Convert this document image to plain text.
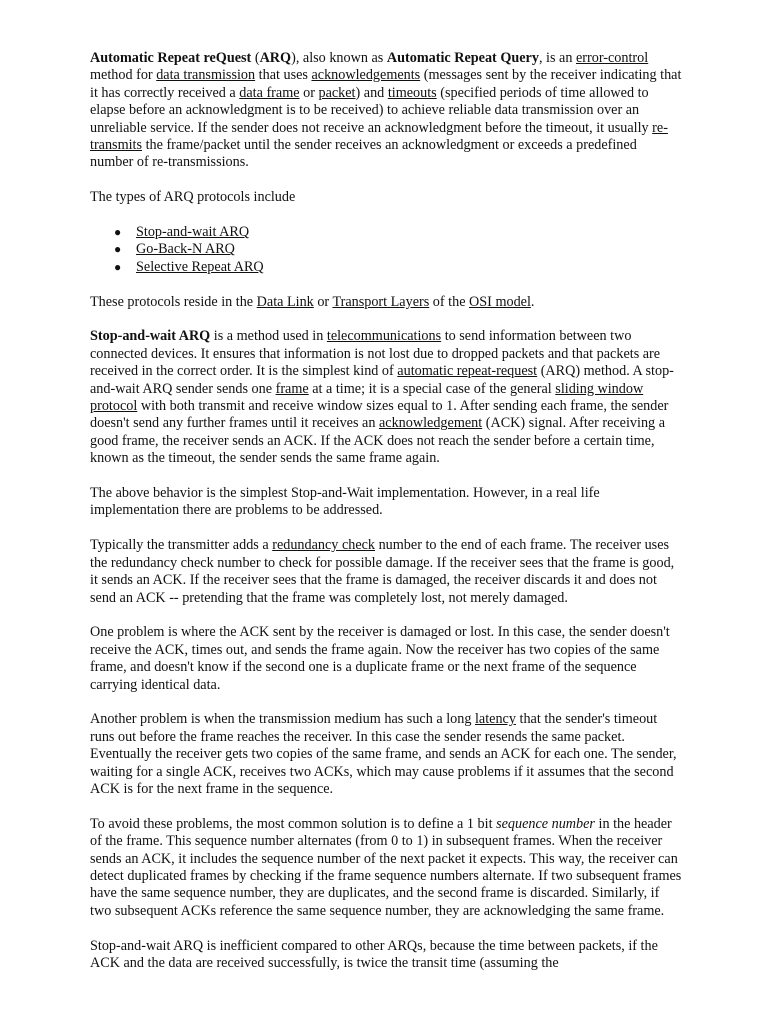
Automatic Repeat reQuest (ARQ), also known as Automatic Repeat Query, is an error-control method for data transmission that uses acknowledgements (messages sent by the receiver indicating that it has correctly received a data frame or packet) and timeouts (specified periods of time allowed to elapse before an acknowledgment is to be received) to achieve reliable data transmission over an unreliable service. If the sender does not receive an acknowledgment before the timeout, it usually re-transmits the frame/packet until the sender receives an acknowledgment or exceeds a predefined number of re-transmissions.

The types of ARQ protocols include

● Stop-and-wait ARQ
● Go-Back-N ARQ
● Selective Repeat ARQ

These protocols reside in the Data Link or Transport Layers of the OSI model.

Stop-and-wait ARQ is a method used in telecommunications to send information between two connected devices. It ensures that information is not lost due to dropped packets and that packets are received in the correct order. It is the simplest kind of automatic repeat-request (ARQ) method. A stop-and-wait ARQ sender sends one frame at a time; it is a special case of the general sliding window protocol with both transmit and receive window sizes equal to 1. After sending each frame, the sender doesn't send any further frames until it receives an acknowledgement (ACK) signal. After receiving a good frame, the receiver sends an ACK. If the ACK does not reach the sender before a certain time, known as the timeout, the sender sends the same frame again.

The above behavior is the simplest Stop-and-Wait implementation. However, in a real life implementation there are problems to be addressed.

Typically the transmitter adds a redundancy check number to the end of each frame. The receiver uses the redundancy check number to check for possible damage. If the receiver sees that the frame is good, it sends an ACK. If the receiver sees that the frame is damaged, the receiver discards it and does not send an ACK -- pretending that the frame was completely lost, not merely damaged.

One problem is where the ACK sent by the receiver is damaged or lost. In this case, the sender doesn't receive the ACK, times out, and sends the frame again. Now the receiver has two copies of the same frame, and doesn't know if the second one is a duplicate frame or the next frame of the sequence carrying identical data.

Another problem is when the transmission medium has such a long latency that the sender's timeout runs out before the frame reaches the receiver. In this case the sender resends the same packet. Eventually the receiver gets two copies of the same frame, and sends an ACK for each one. The sender, waiting for a single ACK, receives two ACKs, which may cause problems if it assumes that the second ACK is for the next frame in the sequence.

To avoid these problems, the most common solution is to define a 1 bit sequence number in the header of the frame. This sequence number alternates (from 0 to 1) in subsequent frames. When the receiver sends an ACK, it includes the sequence number of the next packet it expects. This way, the receiver can detect duplicated frames by checking if the frame sequence numbers alternate. If two subsequent frames have the same sequence number, they are duplicates, and the second frame is discarded. Similarly, if two subsequent ACKs reference the same sequence number, they are acknowledging the same frame.

Stop-and-wait ARQ is inefficient compared to other ARQs, because the time between packets, if the ACK and the data are received successfully, is twice the transit time (assuming the
